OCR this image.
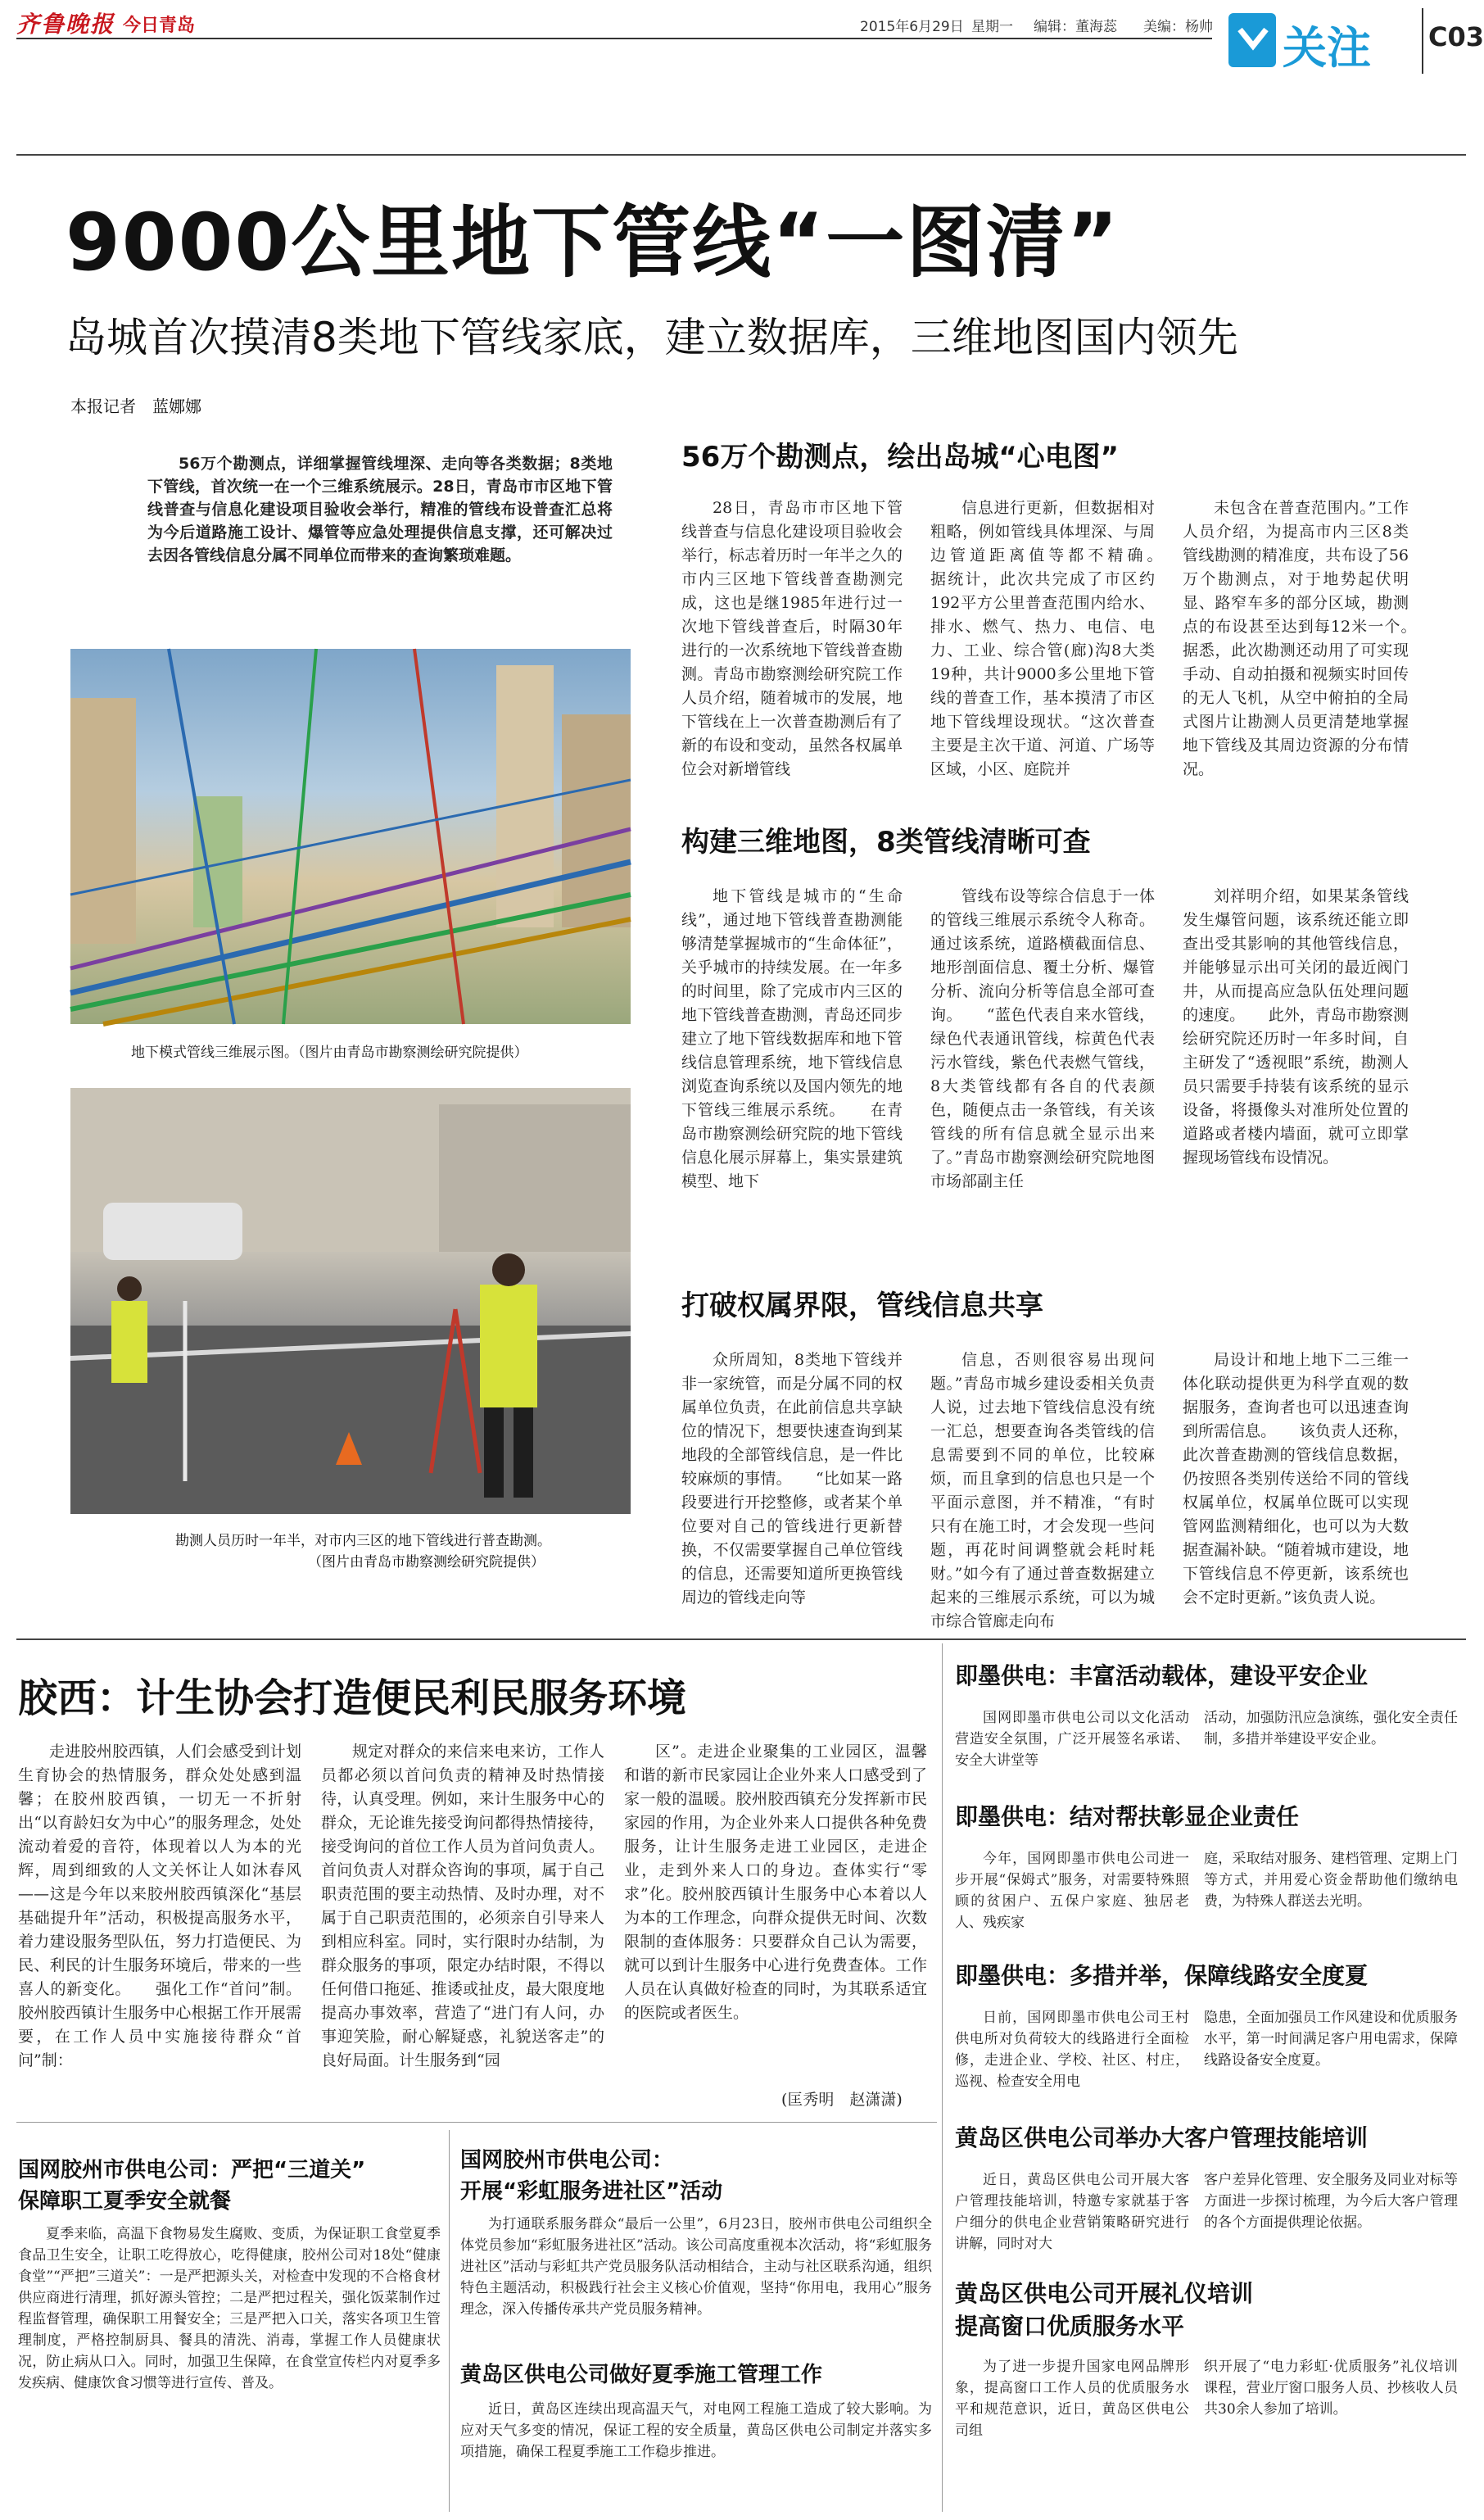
齐鲁晚报 今日青岛	2015年6月29日 星期一 编辑：董海蕊 美编：杨帅 关注 C03
9000公里地下管线“一图清”
岛城首次摸清8类地下管线家底，建立数据库，三维地图国内领先
本报记者　蓝娜娜

56万个勘测点，详细掌握管线埋深、走向等各类数据；8类地下管线，首次统一在一个三维系统展示。28日，青岛市市区地下管线普查与信息化建设项目验收会举行，精准的管线布设普查汇总将为今后道路施工设计、爆管等应急处理提供信息支撑，还可解决过去因各管线信息分属不同单位而带来的查询繁琐难题。

地下模式管线三维展示图。（图片由青岛市勘察测绘研究院提供）
勘测人员历时一年半，对市内三区的地下管线进行普查勘测。
（图片由青岛市勘察测绘研究院提供）
56万个勘测点，绘出岛城“心电图”

28日，青岛市市区地下管线普查与信息化建设项目验收会举行，标志着历时一年半之久的市内三区地下管线普查勘测完成，这也是继1985年进行过一次地下管线普查后，时隔30年进行的一次系统地下管线普查勘测。青岛市勘察测绘研究院工作人员介绍，随着城市的发展，地下管线在上一次普查勘测后有了新的布设和变动，虽然各权属单位会对新增管线

信息进行更新，但数据相对粗略，例如管线具体埋深、与周边管道距离值等都不精确。　　据统计，此次共完成了市区约192平方公里普查范围内给水、排水、燃气、热力、电信、电力、工业、综合管(廊)沟8大类19种，共计9000多公里地下管线的普查工作，基本摸清了市区地下管线埋设现状。“这次普查主要是主次干道、河道、广场等区域，小区、庭院并

未包含在普查范围内。”工作人员介绍，为提高市内三区8类管线勘测的精准度，共布设了56万个勘测点，对于地势起伏明显、路窄车多的部分区域，勘测点的布设甚至达到每12米一个。　　据悉，此次勘测还动用了可实现手动、自动拍摄和视频实时回传的无人飞机，从空中俯拍的全局式图片让勘测人员更清楚地掌握地下管线及其周边资源的分布情况。

构建三维地图，8类管线清晰可查

地下管线是城市的“生命线”，通过地下管线普查勘测能够清楚掌握城市的“生命体征”，关乎城市的持续发展。在一年多的时间里，除了完成市内三区的地下管线普查勘测，青岛还同步建立了地下管线数据库和地下管线信息管理系统，地下管线信息浏览查询系统以及国内领先的地下管线三维展示系统。　　在青岛市勘察测绘研究院的地下管线信息化展示屏幕上，集实景建筑模型、地下

管线布设等综合信息于一体的管线三维展示系统令人称奇。通过该系统，道路横截面信息、地形剖面信息、覆土分析、爆管分析、流向分析等信息全部可查询。　　“蓝色代表自来水管线，绿色代表通讯管线，棕黄色代表污水管线，紫色代表燃气管线，8大类管线都有各自的代表颜色，随便点击一条管线，有关该管线的所有信息就全显示出来了。”青岛市勘察测绘研究院地图市场部副主任

刘祥明介绍，如果某条管线发生爆管问题，该系统还能立即查出受其影响的其他管线信息，并能够显示出可关闭的最近阀门井，从而提高应急队伍处理问题的速度。　　此外，青岛市勘察测绘研究院还历时一年多时间，自主研发了“透视眼”系统，勘测人员只需要手持装有该系统的显示设备，将摄像头对准所处位置的道路或者楼内墙面，就可立即掌握现场管线布设情况。

打破权属界限，管线信息共享

众所周知，8类地下管线并非一家统管，而是分属不同的权属单位负责，在此前信息共享缺位的情况下，想要快速查询到某地段的全部管线信息，是一件比较麻烦的事情。　　“比如某一路段要进行开挖整修，或者某个单位要对自己的管线进行更新替换，不仅需要掌握自己单位管线的信息，还需要知道所更换管线周边的管线走向等

信息，否则很容易出现问题。”青岛市城乡建设委相关负责人说，过去地下管线信息没有统一汇总，想要查询各类管线的信息需要到不同的单位，比较麻烦，而且拿到的信息也只是一个平面示意图，并不精准，“有时只有在施工时，才会发现一些问题，再花时间调整就会耗时耗财。”如今有了通过普查数据建立起来的三维展示系统，可以为城市综合管廊走向布

局设计和地上地下二三维一体化联动提供更为科学直观的数据服务，查询者也可以迅速查询到所需信息。　　该负责人还称，此次普查勘测的管线信息数据，仍按照各类别传送给不同的管线权属单位，权属单位既可以实现管网监测精细化，也可以为大数据查漏补缺。“随着城市建设，地下管线信息不停更新，该系统也会不定时更新。”该负责人说。

胶西：计生协会打造便民利民服务环境

走进胶州胶西镇，人们会感受到计划生育协会的热情服务，群众处处感到温馨；在胶州胶西镇，一切无一不折射出“以育龄妇女为中心”的服务理念，处处流动着爱的音符，体现着以人为本的光辉，周到细致的人文关怀让人如沐春风——这是今年以来胶州胶西镇深化“基层基础提升年”活动，积极提高服务水平，着力建设服务型队伍，努力打造便民、为民、利民的计生服务环境后，带来的一些喜人的新变化。　　强化工作“首问”制。胶州胶西镇计生服务中心根据工作开展需要，在工作人员中实施接待群众“首问”制：

规定对群众的来信来电来访，工作人员都必须以首问负责的精神及时热情接待，认真受理。例如，来计生服务中心的群众，无论谁先接受询问都得热情接待，接受询问的首位工作人员为首问负责人。首问负责人对群众咨询的事项，属于自己职责范围的要主动热情、及时办理，对不属于自己职责范围的，必须亲自引导来人到相应科室。同时，实行限时办结制，为群众服务的事项，限定办结时限，不得以任何借口拖延、推诿或扯皮，最大限度地提高办事效率，营造了“进门有人问，办事迎笑脸，耐心解疑惑，礼貌送客走”的良好局面。计生服务到“园

区”。走进企业聚集的工业园区，温馨和谐的新市民家园让企业外来人口感受到了家一般的温暖。胶州胶西镇充分发挥新市民家园的作用，为企业外来人口提供各种免费服务，让计生服务走进工业园区，走进企业，走到外来人口的身边。查体实行“零求”化。胶州胶西镇计生服务中心本着以人为本的工作理念，向群众提供无时间、次数限制的查体服务：只要群众自己认为需要，就可以到计生服务中心进行免费查体。工作人员在认真做好检查的同时，为其联系适宜的医院或者医生。

(匡秀明　赵潇潇)
国网胶州市供电公司：严把“三道关”
保障职工夏季安全就餐

夏季来临，高温下食物易发生腐败、变质，为保证职工食堂夏季食品卫生安全，让职工吃得放心，吃得健康，胶州公司对18处“健康食堂”“严把”三道关”：一是严把源头关，对检查中发现的不合格食材供应商进行清理，抓好源头管控；二是严把过程关，强化饭菜制作过程监督管理，确保职工用餐安全；三是严把入口关，落实各项卫生管理制度，严格控制厨具、餐具的清洗、消毒，掌握工作人员健康状况，防止病从口入。同时，加强卫生保障，在食堂宣传栏内对夏季多发疾病、健康饮食习惯等进行宣传、普及。

国网胶州市供电公司：
开展“彩虹服务进社区”活动

为打通联系服务群众“最后一公里”，6月23日，胶州市供电公司组织全体党员参加“彩虹服务进社区”活动。该公司高度重视本次活动，将“彩虹服务进社区”活动与彩虹共产党员服务队活动相结合，主动与社区联系沟通，组织特色主题活动，积极践行社会主义核心价值观，坚持“你用电，我用心”服务理念，深入传播传承共产党员服务精神。

黄岛区供电公司做好夏季施工管理工作

近日，黄岛区连续出现高温天气，对电网工程施工造成了较大影响。为应对天气多变的情况，保证工程的安全质量，黄岛区供电公司制定并落实多项措施，确保工程夏季施工工作稳步推进。

即墨供电：丰富活动载体，建设平安企业

国网即墨市供电公司以文化活动营造安全氛围，广泛开展签名承诺、安全大讲堂等

活动，加强防汛应急演练，强化安全责任制，多措并举建设平安企业。

即墨供电：结对帮扶彰显企业责任

今年，国网即墨市供电公司进一步开展“保姆式”服务，对需要特殊照顾的贫困户、五保户家庭、独居老人、残疾家

庭，采取结对服务、建档管理、定期上门等方式，并用爱心资金帮助他们缴纳电费，为特殊人群送去光明。

即墨供电：多措并举，保障线路安全度夏

日前，国网即墨市供电公司王村供电所对负荷较大的线路进行全面检修，走进企业、学校、社区、村庄，巡视、检查安全用电

隐患，全面加强员工作风建设和优质服务水平，第一时间满足客户用电需求，保障线路设备安全度夏。

黄岛区供电公司举办大客户管理技能培训

近日，黄岛区供电公司开展大客户管理技能培训，特邀专家就基于客户细分的供电企业营销策略研究进行讲解，同时对大

客户差异化管理、安全服务及同业对标等方面进一步探讨梳理，为今后大客户管理的各个方面提供理论依据。

黄岛区供电公司开展礼仪培训
提高窗口优质服务水平

为了进一步提升国家电网品牌形象，提高窗口工作人员的优质服务水平和规范意识，近日，黄岛区供电公司组

织开展了“电力彩虹·优质服务”礼仪培训课程，营业厅窗口服务人员、抄核收人员共30余人参加了培训。
